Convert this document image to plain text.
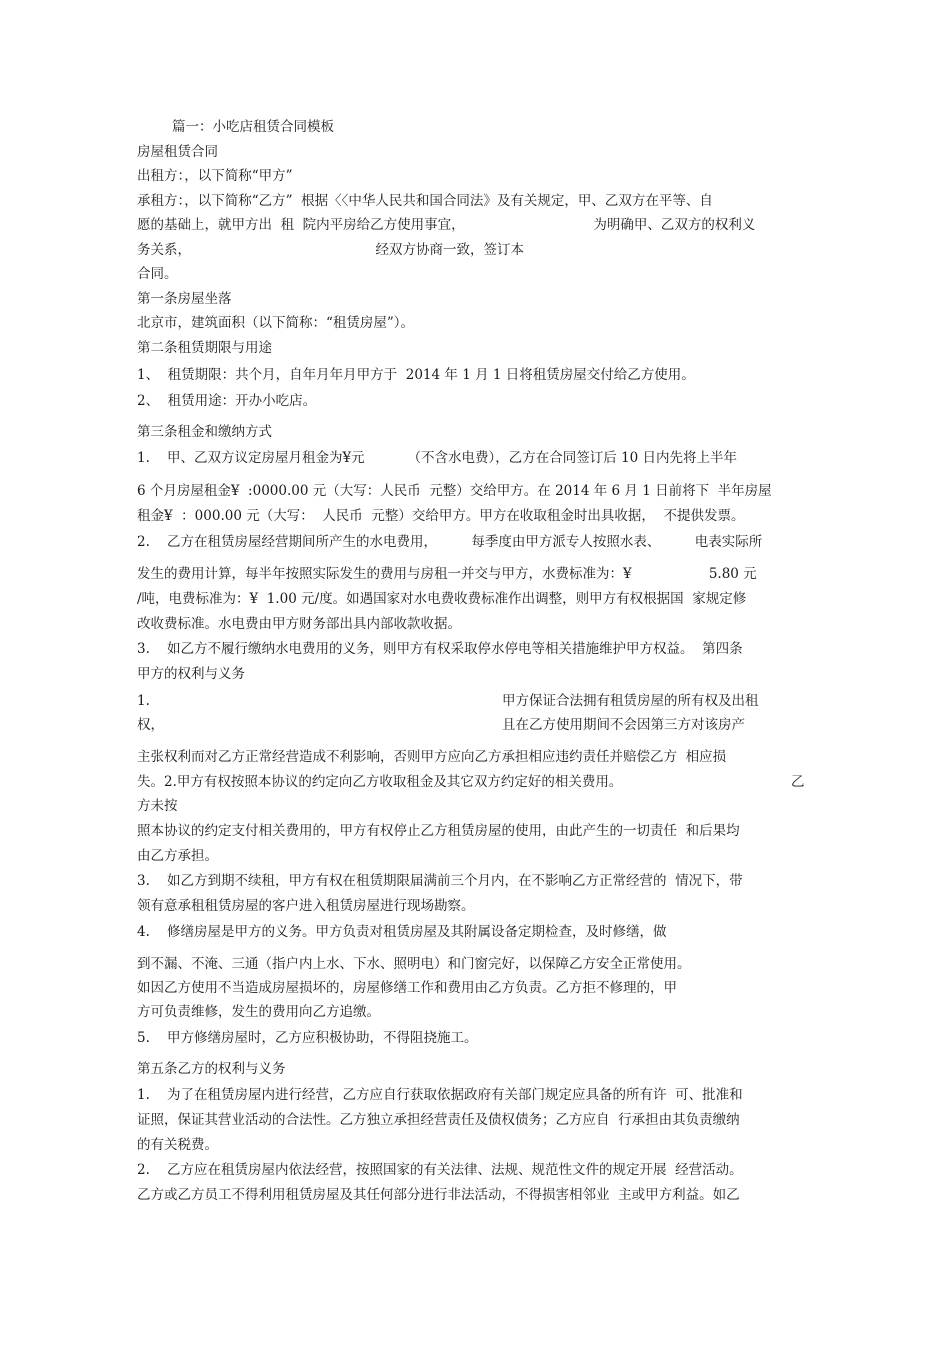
篇一：小吃店租赁合同模板
房屋租赁合同
出租方：，以下简称“甲方”
承租方：，以下简称“乙方”  根据〈〈中华人民共和国合同法》及有关规定，甲、乙双方在平等、自
愿的基础上，就甲方出  租  院内平房给乙方使用事宜，                              为明确甲、乙双方的权利义
务关系，                                           经双方协商一致，签订本
合同。
第一条房屋坐落
北京市，建筑面积（以下简称：“租赁房屋”）。
第二条租赁期限与用途
1、  租赁期限：共个月，自年月年月甲方于  2014 年 1 月 1 日将租赁房屋交付给乙方使用。
2、  租赁用途：开办小吃店。
第三条租金和缴纳方式
1.    甲、乙双方议定房屋月租金为¥元          （不含水电费），乙方在合同签订后 10 日内先将上半年
6 个月房屋租金¥  :0000.00 元（大写：人民币  元整）交给甲方。在 2014 年 6 月 1 日前将下  半年房屋
租金¥  ：000.00 元（大写：  人民币  元整）交给甲方。甲方在收取租金时出具收据，  不提供发票。
2.    乙方在租赁房屋经营期间所产生的水电费用，        每季度由甲方派专人按照水表、        电表实际所
发生的费用计算，每半年按照实际发生的费用与房租一并交与甲方，水费标准为：¥                  5.80 元
/吨，电费标准为：¥  1.00 元/度。如遇国家对水电费收费标准作出调整，则甲方有权根据国  家规定修
改收费标准。水电费由甲方财务部出具内部收款收据。
3.    如乙方不履行缴纳水电费用的义务，则甲方有权采取停水停电等相关措施维护甲方权益。  第四条
甲方的权利与义务
1.	甲方保证合法拥有租赁房屋的所有权及出租
权，	且在乙方使用期间不会因第三方对该房产
主张权利而对乙方正常经营造成不利影响，否则甲方应向乙方承担相应违约责任并赔偿乙方  相应损
失。2.甲方有权按照本协议的约定向乙方收取租金及其它双方约定好的相关费用。	乙
方未按
照本协议的约定支付相关费用的，甲方有权停止乙方租赁房屋的使用，由此产生的一切责任  和后果均
由乙方承担。
3.    如乙方到期不续租，甲方有权在租赁期限届满前三个月内，在不影响乙方正常经营的  情况下，带
领有意承租租赁房屋的客户进入租赁房屋进行现场勘察。
4.    修缮房屋是甲方的义务。甲方负责对租赁房屋及其附属设备定期检查，及时修缮，做
到不漏、不淹、三通（指户内上水、下水、照明电）和门窗完好，以保障乙方安全正常使用。
如因乙方使用不当造成房屋损坏的，房屋修缮工作和费用由乙方负责。乙方拒不修理的，甲
方可负责维修，发生的费用向乙方追缴。
5.    甲方修缮房屋时，乙方应积极协助，不得阻挠施工。
第五条乙方的权利与义务
1.    为了在租赁房屋内进行经营，乙方应自行获取依据政府有关部门规定应具备的所有许  可、批准和
证照，保证其营业活动的合法性。乙方独立承担经营责任及债权债务；乙方应自  行承担由其负责缴纳
的有关税费。
2.    乙方应在租赁房屋内依法经营，按照国家的有关法律、法规、规范性文件的规定开展  经营活动。
乙方或乙方员工不得利用租赁房屋及其任何部分进行非法活动，不得损害相邻业  主或甲方利益。如乙
